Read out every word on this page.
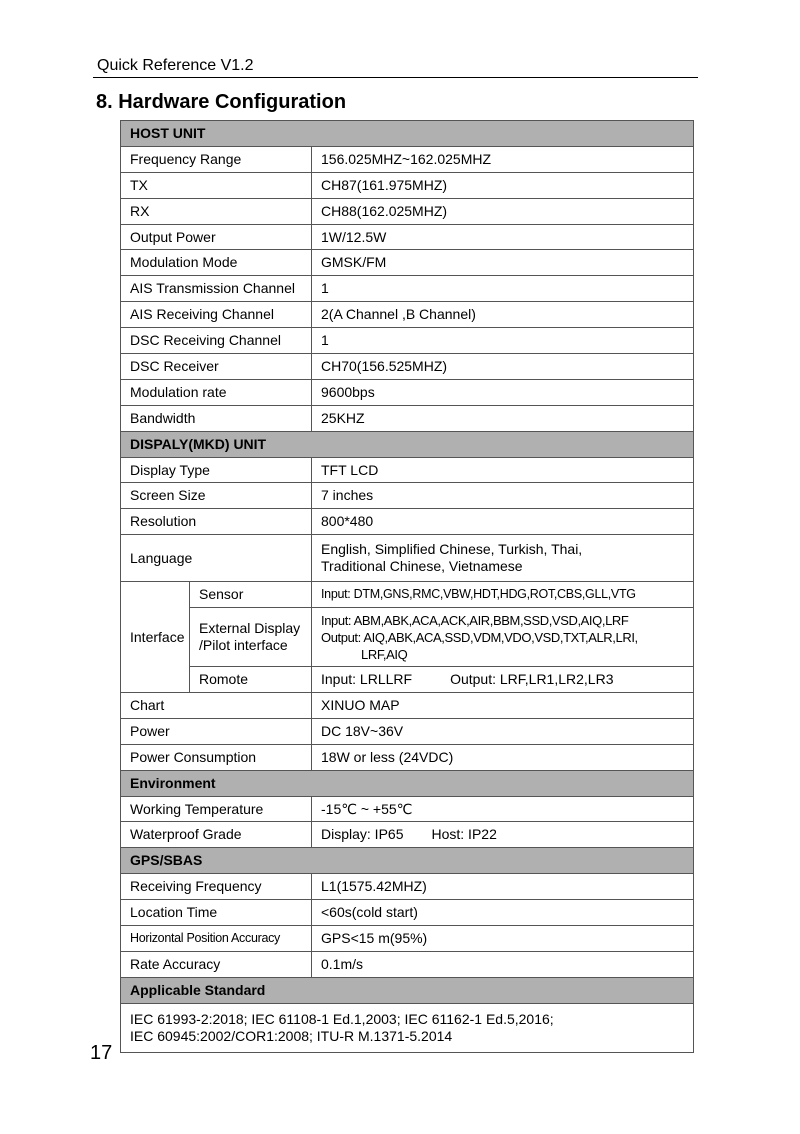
Quick Reference V1.2
8. Hardware Configuration
HOST UNIT		
Frequency Range		156.025MHZ~162.025MHZ
TX		CH87(161.975MHZ)
RX		CH88(162.025MHZ)
Output Power		1W/12.5W
Modulation Mode		GMSK/FM
AIS Transmission Channel		1
AIS Receiving Channel		2(A Channel ,B Channel)
DSC Receiving Channel		1
DSC Receiver		CH70(156.525MHZ)
Modulation rate		9600bps
Bandwidth		25KHZ
DISPALY(MKD) UNIT		
Display Type		TFT LCD
Screen Size		7 inches
Resolution		800*480
Language		English, Simplified Chinese, Turkish, Thai,
Traditional Chinese, Vietnamese

Interface	Sensor	Input: DTM,GNS,RMC,VBW,HDT,HDG,ROT,CBS,GLL,VTG

	External Display
/Pilot interface	Input: ABM,ABK,ACA,ACK,AIR,BBM,SSD,VSD,AIQ,LRF
Output: AIQ,ABK,ACA,SSD,VDM,VDO,VSD,TXT,ALR,LRI,
LRF,AIQ

	Romote	Input: LRLLRF Output: LRF,LR1,LR2,LR3
Chart		XINUO MAP
Power		DC 18V~36V
Power Consumption		18W or less (24VDC)
Environment		
Working Temperature		-15℃ ~ +55℃
Waterproof Grade		Display: IP65 Host: IP22
GPS/SBAS		
Receiving Frequency		L1(1575.42MHZ)
Location Time		<60s(cold start)
Horizontal Position Accuracy		GPS<15 m(95%)
Rate Accuracy		0.1m/s
Applicable Standard		

IEC 61993-2:2018; IEC 61108-1 Ed.1,2003; IEC 61162-1 Ed.5,2016;
IEC 60945:2002/COR1:2008; ITU-R M.1371-5.2014		
17
